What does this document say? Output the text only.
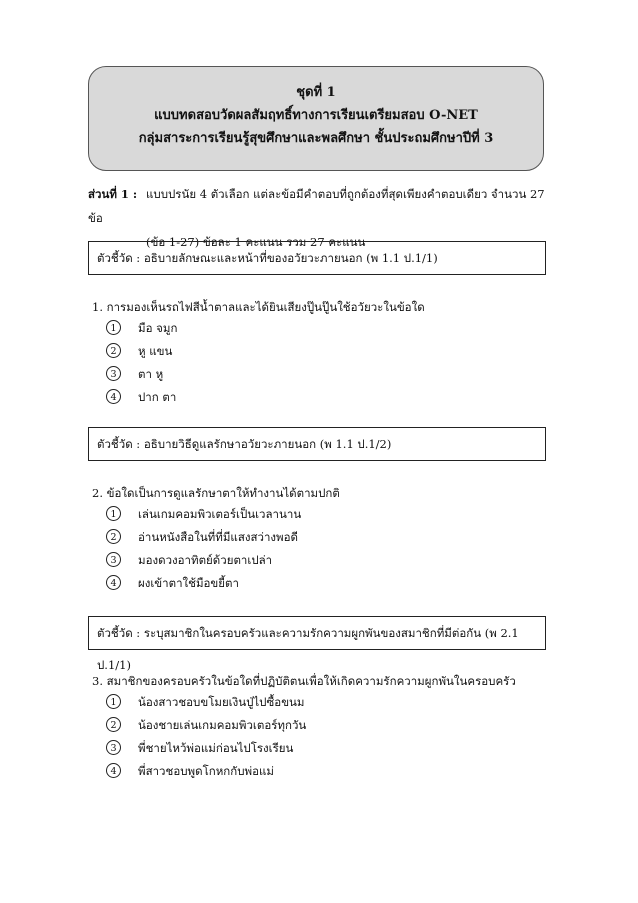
ชุดที่ 1
แบบทดสอบวัดผลสัมฤทธิ์ทางการเรียนเตรียมสอบ O-NET
กลุ่มสาระการเรียนรู้สุขศึกษาและพลศึกษา ชั้นประถมศึกษาปีที่ 3
ส่วนที่ 1 : แบบปรนัย 4 ตัวเลือก แต่ละข้อมีคำตอบที่ถูกต้องที่สุดเพียงคำตอบเดียว จำนวน 27 ข้อ
(ข้อ 1-27) ข้อละ 1 คะแนน รวม 27 คะแนน
ตัวชี้วัด : อธิบายลักษณะและหน้าที่ของอวัยวะภายนอก (พ 1.1 ป.1/1)
1. การมองเห็นรถไฟสีน้ำตาลและได้ยินเสียงปู๊นปู๊นใช้อวัยวะในข้อใด
1	มือ จมูก
2	หู แขน
3	ตา หู
4	ปาก ตา
ตัวชี้วัด : อธิบายวิธีดูแลรักษาอวัยวะภายนอก (พ 1.1 ป.1/2)
2. ข้อใดเป็นการดูแลรักษาตาให้ทำงานได้ตามปกติ
1	เล่นเกมคอมพิวเตอร์เป็นเวลานาน
2	อ่านหนังสือในที่ที่มีแสงสว่างพอดี
3	มองดวงอาทิตย์ด้วยตาเปล่า
4	ผงเข้าตาใช้มือขยี้ตา
ตัวชี้วัด : ระบุสมาชิกในครอบครัวและความรักความผูกพันของสมาชิกที่มีต่อกัน (พ 2.1 ป.1/1)
3. สมาชิกของครอบครัวในข้อใดที่ปฏิบัติตนเพื่อให้เกิดความรักความผูกพันในครอบครัว
1	น้องสาวชอบขโมยเงินปู่ไปซื้อขนม
2	น้องชายเล่นเกมคอมพิวเตอร์ทุกวัน
3	พี่ชายไหว้พ่อแม่ก่อนไปโรงเรียน
4	พี่สาวชอบพูดโกหกกับพ่อแม่
